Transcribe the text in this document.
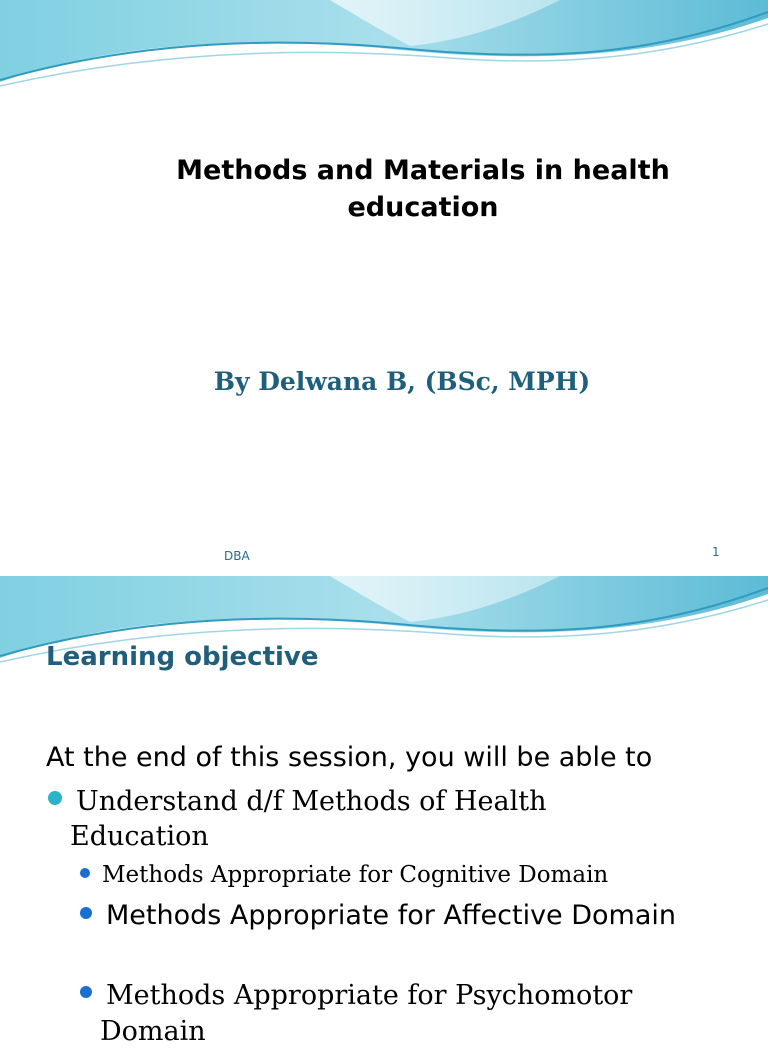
Methods and Materials in health education
By Delwana B, (BSc, MPH)
DBA	1
Learning objective
At the end of this session, you will be able to
Understand d/f Methods of Health Education
Methods Appropriate for Cognitive Domain
Methods Appropriate for Affective Domain
Methods Appropriate for Psychomotor Domain
